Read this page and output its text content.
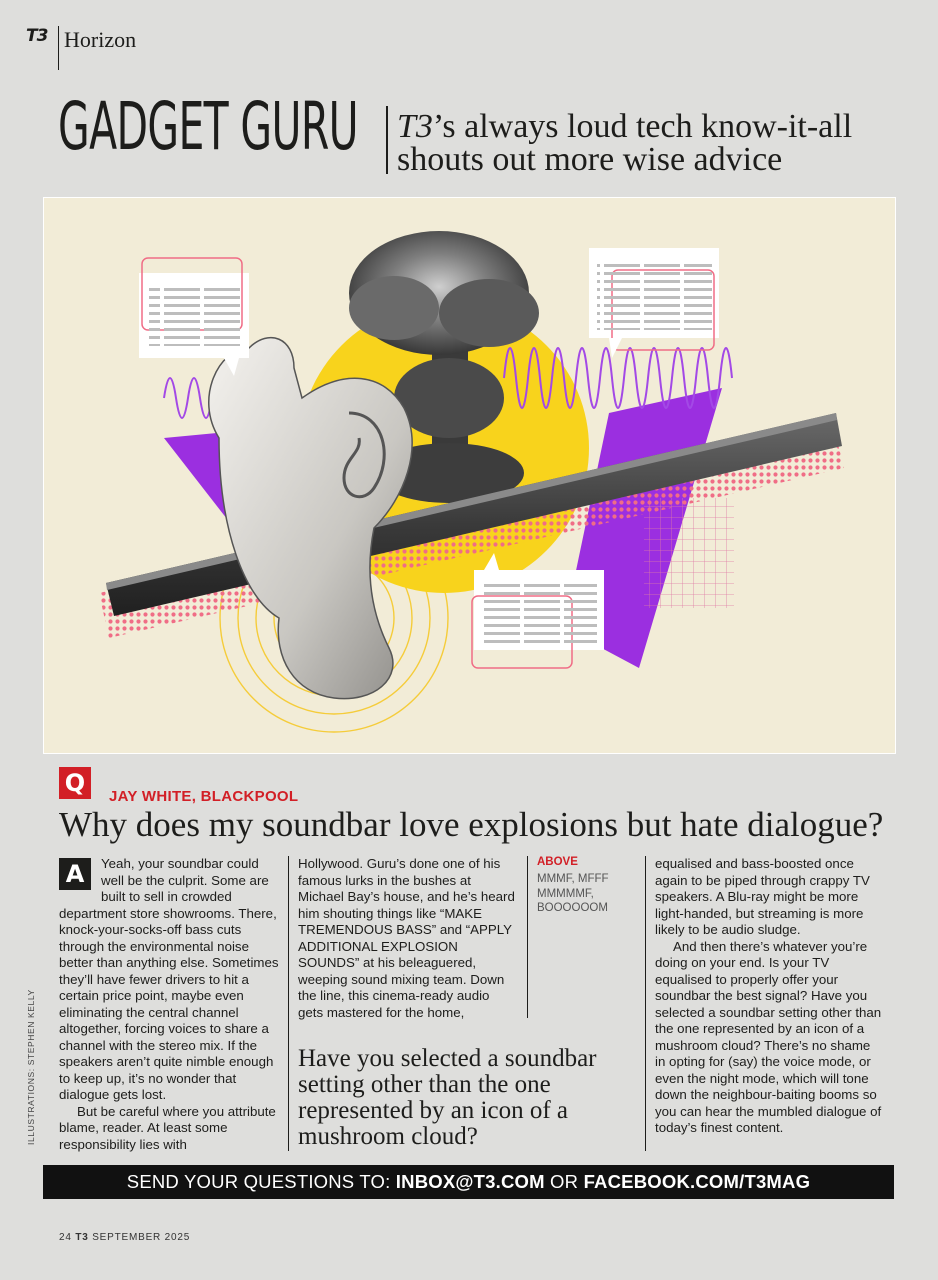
T3 Horizon
GADGET GURU T3’s always loud tech know-it-all
shouts out more wise advice
Q	JAY WHITE, BLACKPOOL
Why does my soundbar love explosions but hate dialogue?
A	Yeah, your soundbar could well be the culprit. Some are built to sell in crowded department store showrooms. There, knock-your-socks-off bass cuts through the environmental noise better than anything else. Sometimes they’ll have fewer drivers to hit a certain price point, maybe even eliminating the central channel altogether, forcing voices to share a channel with the stereo mix. If the speakers aren’t quite nimble enough to keep up, it’s no wonder that dialogue gets lost.

But be careful where you attribute blame, reader. At least some responsibility lies with

Hollywood. Guru’s done one of his famous lurks in the bushes at Michael Bay’s house, and he’s heard him shouting things like “MAKE TREMENDOUS BASS” and “APPLY ADDITIONAL EXPLOSION SOUNDS” at his beleaguered, weeping sound mixing team. Down the line, this cinema-ready audio gets mastered for the home,

ABOVE
MMMF, MFFF MMMMMF, BOOOOOOM
Have you selected a soundbar setting other than the one represented by an icon of a mushroom cloud?

equalised and bass-boosted once again to be piped through crappy TV speakers. A Blu-ray might be more light-handed, but streaming is more likely to be audio sludge.

And then there’s whatever you’re doing on your end. Is your TV equalised to properly offer your soundbar the best signal? Have you selected a soundbar setting other than the one represented by an icon of a mushroom cloud? There’s no shame in opting for (say) the voice mode, or even the night mode, which will tone down the neighbour-baiting booms so you can hear the mumbled dialogue of today’s finest content.

ILLUSTRATIONS: STEPHEN KELLY
SEND YOUR QUESTIONS TO: INBOX@T3.COM OR FACEBOOK.COM/T3MAG
24 T3 SEPTEMBER 2025
